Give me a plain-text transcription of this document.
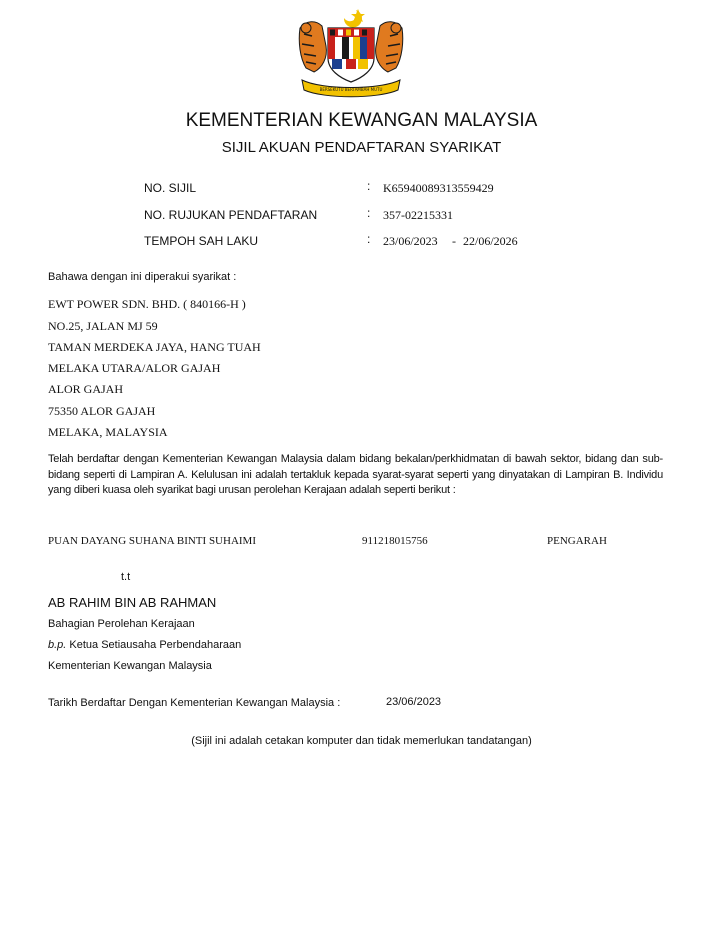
BERSEKUTU BERTAMBAH MUTU
KEMENTERIAN KEWANGAN MALAYSIA
SIJIL AKUAN PENDAFTARAN SYARIKAT
NO. SIJIL	: K65940089313559429
NO. RUJUKAN PENDAFTARAN	: 357-02215331
TEMPOH SAH LAKU	: 23/06/2023 - 22/06/2026
Bahawa dengan ini diperakui syarikat :
EWT POWER SDN. BHD. ( 840166-H )
NO.25, JALAN MJ 59
TAMAN MERDEKA JAYA, HANG TUAH
MELAKA UTARA/ALOR GAJAH
ALOR GAJAH
75350 ALOR GAJAH
MELAKA, MALAYSIA
Telah berdaftar dengan Kementerian Kewangan Malaysia dalam bidang bekalan/perkhidmatan di bawah sektor, bidang dan sub-bidang seperti di Lampiran A. Kelulusan ini adalah tertakluk kepada syarat-syarat seperti yang dinyatakan di Lampiran B. Individu yang diberi kuasa oleh syarikat bagi urusan perolehan Kerajaan adalah seperti berikut :
PUAN DAYANG SUHANA BINTI SUHAIMI	911218015756	PENGARAH
t.t
AB RAHIM BIN AB RAHMAN
Bahagian Perolehan Kerajaan
b.p. Ketua Setiausaha Perbendaharaan
Kementerian Kewangan Malaysia
Tarikh Berdaftar Dengan Kementerian Kewangan Malaysia :	23/06/2023
(Sijil ini adalah cetakan komputer dan tidak memerlukan tandatangan)
